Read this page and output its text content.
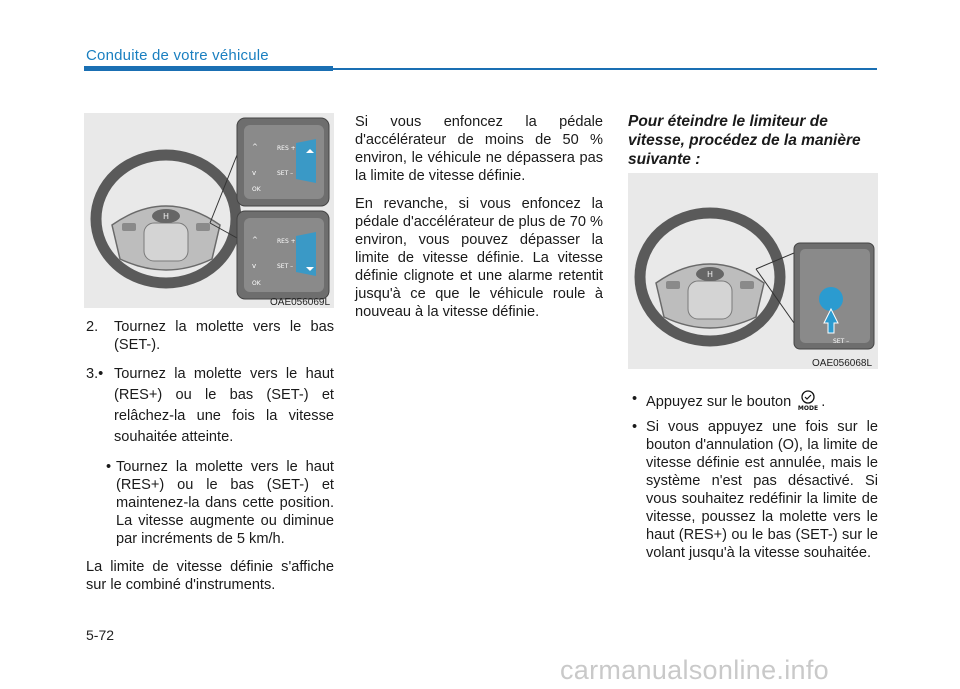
Conduite de votre véhicule
H
RES +
SET –
OK
^
v
RES +
SET –
OK
^
v
OAE056069L
2. Tournez la molette vers le bas (SET-).
3.• Tournez la molette vers le haut (RES+) ou le bas (SET-) et relâchez-la une fois la vitesse souhaitée atteinte.
• Tournez la molette vers le haut (RES+) ou le bas (SET-) et maintenez-la dans cette position. La vitesse augmente ou diminue par incréments de 5 km/h.

La limite de vitesse définie s'affiche sur le combiné d'instruments.

Si vous enfoncez la pédale d'accélérateur de moins de 50 % environ, le véhicule ne dépassera pas la limite de vitesse définie.

En revanche, si vous enfoncez la pédale d'accélérateur de plus de 70 % environ, vous pouvez dépasser la limite de vitesse définie. La vitesse définie clignote et une alarme retentit jusqu'à ce que le véhicule roule à nouveau à la vitesse définie.

Pour éteindre le limiteur de vitesse, procédez de la manière suivante :
H
SET –
OAE056068L
• Appuyez sur le bouton MODE .
• Si vous appuyez une fois sur le bouton d'annulation (O), la limite de vitesse définie est annulée, mais le système n'est pas désactivé. Si vous souhaitez redéfinir la limite de vitesse, poussez la molette vers le haut (RES+) ou le bas (SET-) sur le volant jusqu'à la vitesse souhaitée.
5-72
carmanualsonline.info
